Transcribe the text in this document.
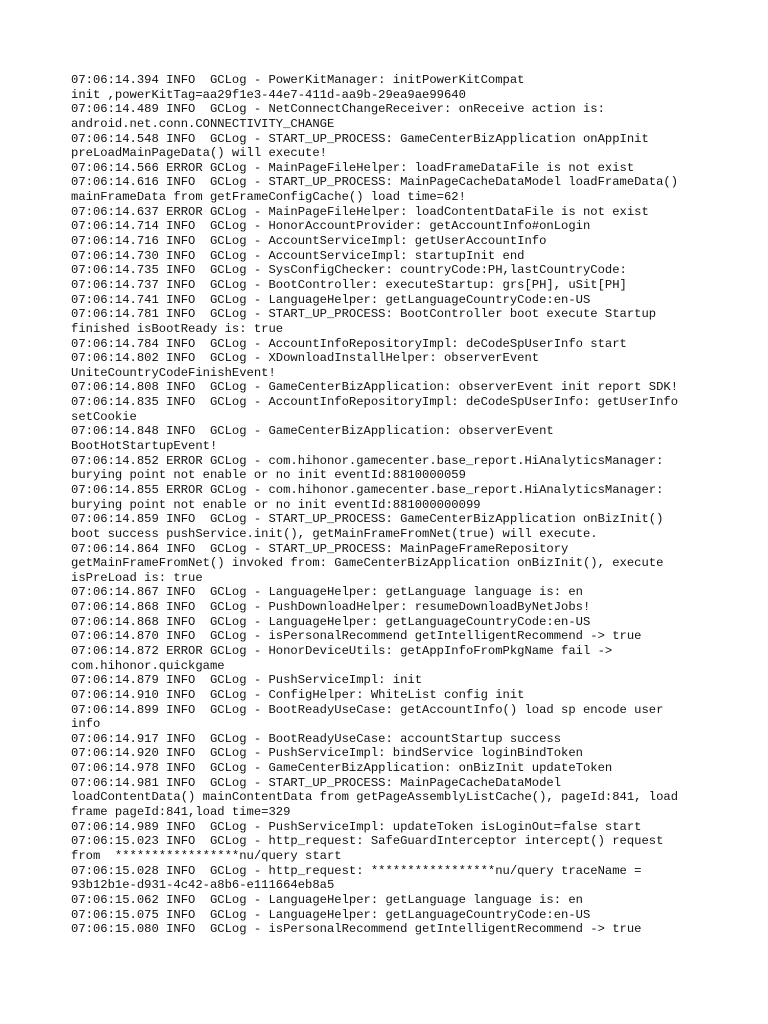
07:06:14.394 INFO  GCLog - PowerKitManager: initPowerKitCompat
init ,powerKitTag=aa29f1e3-44e7-411d-aa9b-29ea9ae99640
07:06:14.489 INFO  GCLog - NetConnectChangeReceiver: onReceive action is:
android.net.conn.CONNECTIVITY_CHANGE
07:06:14.548 INFO  GCLog - START_UP_PROCESS: GameCenterBizApplication onAppInit
preLoadMainPageData() will execute!
07:06:14.566 ERROR GCLog - MainPageFileHelper: loadFrameDataFile is not exist
07:06:14.616 INFO  GCLog - START_UP_PROCESS: MainPageCacheDataModel loadFrameData()
mainFrameData from getFrameConfigCache() load time=62!
07:06:14.637 ERROR GCLog - MainPageFileHelper: loadContentDataFile is not exist
07:06:14.714 INFO  GCLog - HonorAccountProvider: getAccountInfo#onLogin
07:06:14.716 INFO  GCLog - AccountServiceImpl: getUserAccountInfo
07:06:14.730 INFO  GCLog - AccountServiceImpl: startupInit end
07:06:14.735 INFO  GCLog - SysConfigChecker: countryCode:PH,lastCountryCode:
07:06:14.737 INFO  GCLog - BootController: executeStartup: grs[PH], uSit[PH]
07:06:14.741 INFO  GCLog - LanguageHelper: getLanguageCountryCode:en-US
07:06:14.781 INFO  GCLog - START_UP_PROCESS: BootController boot execute Startup
finished isBootReady is: true
07:06:14.784 INFO  GCLog - AccountInfoRepositoryImpl: deCodeSpUserInfo start
07:06:14.802 INFO  GCLog - XDownloadInstallHelper: observerEvent
UniteCountryCodeFinishEvent!
07:06:14.808 INFO  GCLog - GameCenterBizApplication: observerEvent init report SDK!
07:06:14.835 INFO  GCLog - AccountInfoRepositoryImpl: deCodeSpUserInfo: getUserInfo
setCookie
07:06:14.848 INFO  GCLog - GameCenterBizApplication: observerEvent
BootHotStartupEvent!
07:06:14.852 ERROR GCLog - com.hihonor.gamecenter.base_report.HiAnalyticsManager:
burying point not enable or no init eventId:8810000059
07:06:14.855 ERROR GCLog - com.hihonor.gamecenter.base_report.HiAnalyticsManager:
burying point not enable or no init eventId:881000000099
07:06:14.859 INFO  GCLog - START_UP_PROCESS: GameCenterBizApplication onBizInit()
boot success pushService.init(), getMainFrameFromNet(true) will execute.
07:06:14.864 INFO  GCLog - START_UP_PROCESS: MainPageFrameRepository
getMainFrameFromNet() invoked from: GameCenterBizApplication onBizInit(), execute
isPreLoad is: true
07:06:14.867 INFO  GCLog - LanguageHelper: getLanguage language is: en
07:06:14.868 INFO  GCLog - PushDownloadHelper: resumeDownloadByNetJobs!
07:06:14.868 INFO  GCLog - LanguageHelper: getLanguageCountryCode:en-US
07:06:14.870 INFO  GCLog - isPersonalRecommend getIntelligentRecommend -> true
07:06:14.872 ERROR GCLog - HonorDeviceUtils: getAppInfoFromPkgName fail ->
com.hihonor.quickgame
07:06:14.879 INFO  GCLog - PushServiceImpl: init
07:06:14.910 INFO  GCLog - ConfigHelper: WhiteList config init
07:06:14.899 INFO  GCLog - BootReadyUseCase: getAccountInfo() load sp encode user
info
07:06:14.917 INFO  GCLog - BootReadyUseCase: accountStartup success
07:06:14.920 INFO  GCLog - PushServiceImpl: bindService loginBindToken
07:06:14.978 INFO  GCLog - GameCenterBizApplication: onBizInit updateToken
07:06:14.981 INFO  GCLog - START_UP_PROCESS: MainPageCacheDataModel
loadContentData() mainContentData from getPageAssemblyListCache(), pageId:841, load
frame pageId:841,load time=329
07:06:14.989 INFO  GCLog - PushServiceImpl: updateToken isLoginOut=false start
07:06:15.023 INFO  GCLog - http_request: SafeGuardInterceptor intercept() request
from  *****************nu/query start
07:06:15.028 INFO  GCLog - http_request: *****************nu/query traceName =
93b12b1e-d931-4c42-a8b6-e111664eb8a5
07:06:15.062 INFO  GCLog - LanguageHelper: getLanguage language is: en
07:06:15.075 INFO  GCLog - LanguageHelper: getLanguageCountryCode:en-US
07:06:15.080 INFO  GCLog - isPersonalRecommend getIntelligentRecommend -> true
